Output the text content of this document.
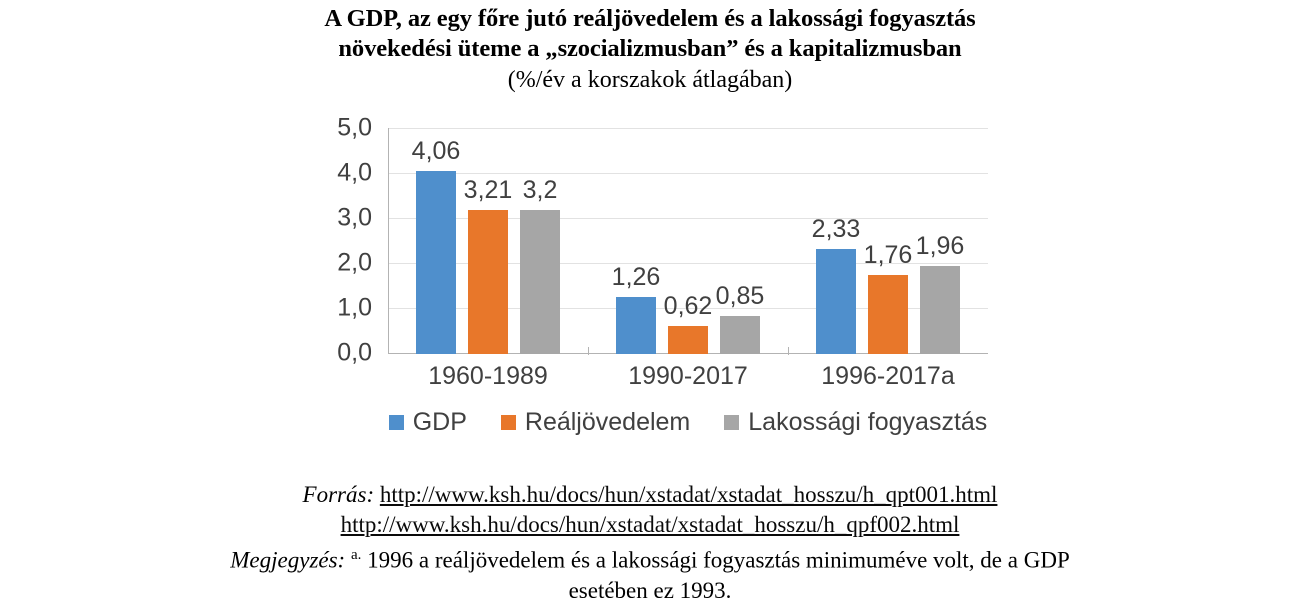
A GDP, az egy főre jutó reáljövedelem és a lakossági fogyasztás
növekedési üteme a „szocializmusban” és a kapitalizmusban
(%/év a korszakok átlagában)
5,0
4,0
3,0
2,0
1,0
0,0
4,06
3,21 3,2
1,26
0,62 0,85
2,33
1,76 1,96
1960-1989	1990-2017	1996-2017a
GDP Reáljövedelem Lakossági fogyasztás
Forrás: http://www.ksh.hu/docs/hun/xstadat/xstadat_hosszu/h_qpt001.html
http://www.ksh.hu/docs/hun/xstadat/xstadat_hosszu/h_qpf002.html
Megjegyzés: $^{a.}$ 1996 a reáljövedelem és a lakossági fogyasztás minimuméve volt, de a GDP
esetében ez 1993.
